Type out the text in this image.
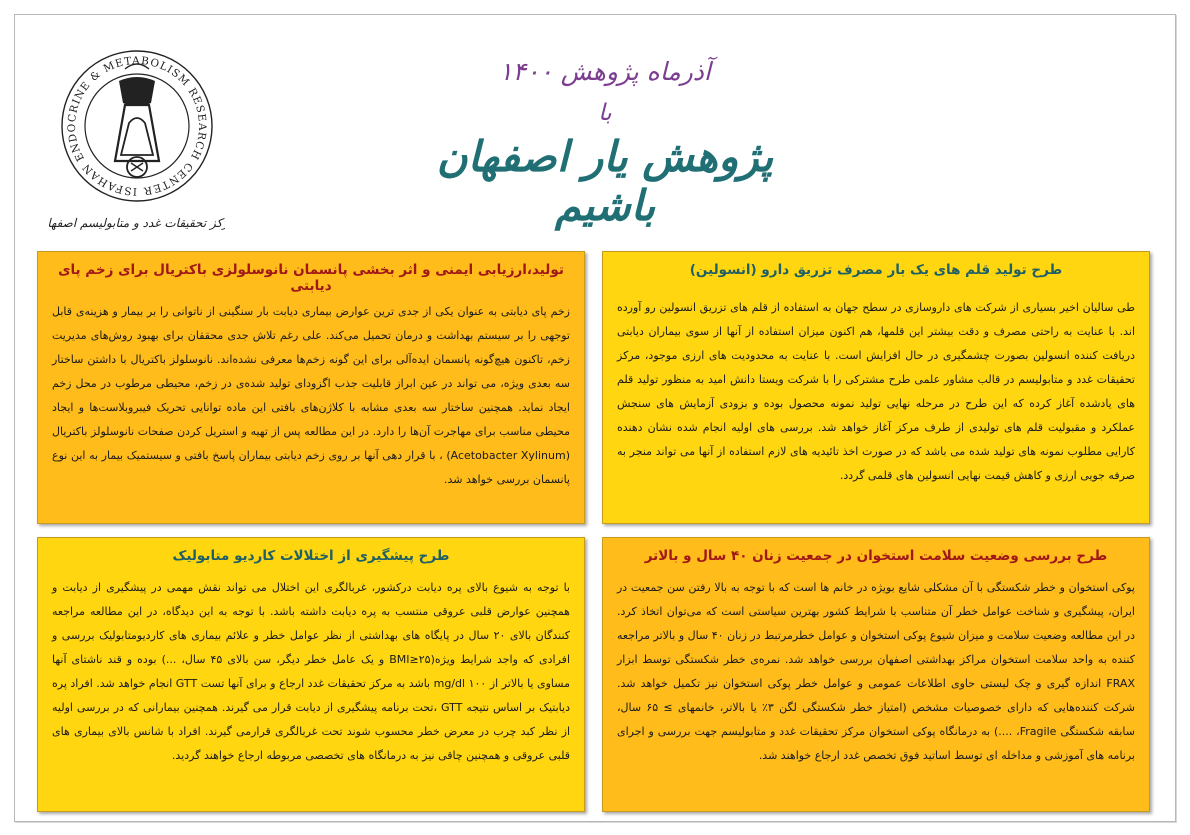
ISFAHAN ENDOCRINE & METABOLISM RESEARCH CENTER
کز تحقیقات غدد و متابولیسم اصفه
آذرماه پژوهش ۱۴۰۰
با
پژوهش یار اصفهان باشیم
تولید،ارزیابی ایمنی و اثر بخشی پانسمان نانوسلولزی باکتریال برای زخم پای دیابتی
زخم پای دیابتی به عنوان یکی از جدی ترین عوارض بیماری دیابت بار سنگینی از ناتوانی را بر بیمار و هزینه‌ی قابل توجهی را بر سیستم بهداشت و درمان تحمیل می‌کند. علی رغم تلاش جدی محققان برای بهبود روش‌های مدیریت زخم، تاکنون هیچ‌گونه پانسمان ایده‌آلی برای این گونه زخم‌ها معرفی نشده‌اند. نانوسلولز باکتریال با داشتن ساختار سه بعدی ویژه، می تواند در عین ابراز قابلیت جذب اگزودای تولید شده‌ی در زخم، محیطی مرطوب در محل زخم ایجاد نماید. همچنین ساختار سه بعدی مشابه با کلاژن‌های بافتی این ماده توانایی تحریک فیبروبلاست‌ها و ایجاد محیطی مناسب برای مهاجرت آن‌ها را دارد. در این مطالعه پس از تهیه و استریل کردن صفحات نانوسلولز باکتریال (Acetobacter Xylinum) ، با قرار دهی آنها بر روی زخم دیابتی بیماران پاسخ بافتی و سیستمیک بیمار به این نوع پانسمان بررسی خواهد شد.
طرح تولید قلم های یک بار مصرف تزریق دارو (انسولین)
طی سالیان اخیر بسیاری از شرکت های داروسازی در سطح جهان به استفاده از قلم های تزریق انسولین رو آورده اند. با عنایت به راحتی مصرف و دقت بیشتر این قلمها، هم اکنون میزان استفاده از آنها از سوی بیماران دیابتی دریافت کننده انسولین بصورت چشمگیری در حال افزایش است. با عنایت به محدودیت های ارزی موجود، مرکز تحقیقات غدد و متابولیسم در قالب مشاور علمی طرح مشترکی را با شرکت ویستا دانش امید به منظور تولید قلم های یادشده آغاز کرده که این طرح در مرحله نهایی تولید نمونه محصول بوده و بزودی آزمایش های سنجش عملکرد و مقبولیت قلم های تولیدی از طرف مرکز آغاز خواهد شد. بررسی های اولیه انجام شده نشان دهنده کارایی مطلوب نمونه های تولید شده می باشد که در صورت اخذ تائیدیه های لازم استفاده از آنها می تواند منجر به صرفه جویی ارزی و کاهش قیمت نهایی انسولین های قلمی گردد.
طرح پیشگیری از اختلالات کاردیو متابولیک
با توجه به شیوع بالای پره دیابت درکشور، غربالگری این اختلال می تواند نقش مهمی در پیشگیری از دیابت و همچنین عوارض قلبی عروقی منتسب به پره دیابت داشته باشد. با توجه به این دیدگاه، در این مطالعه مراجعه کنندگان بالای ۲۰ سال در پایگاه های بهداشتی از نظر عوامل خطر و علائم بیماری های کاردیومتابولیک بررسی و افرادی که واجد شرایط ویژه(BMI≥۲۵ و یک عامل خطر دیگر، سن بالای ۴۵ سال، ...) بوده و قند ناشتای آنها مساوی یا بالاتر از ۱۰۰ mg/dl باشد به مرکز تحقیقات غدد ارجاع و برای آنها تست GTT انجام خواهد شد. افراد پره دیابتیک بر اساس نتیجه GTT ،تحت برنامه پیشگیری از دیابت قرار می گیرند. همچنین بیمارانی که در بررسی اولیه از نظر کبد چرب در معرض خطر محسوب شوند تحت غربالگری قرارمی گیرند. افراد با شانس بالای بیماری های قلبی عروقی و همچنین چاقی نیز به درمانگاه های تخصصی مربوطه ارجاع خواهند گردید.
طرح بررسی وضعیت سلامت استخوان در جمعیت زنان ۴۰ سال و بالاتر
پوکی استخوان و خطر شکستگی با آن مشکلی شایع بویژه در خانم ها است که با توجه به بالا رفتن سن جمعیت در ایران، پیشگیری و شناخت عوامل خطر آن متناسب با شرایط کشور بهترین سیاستی است که می‌توان اتخاذ کرد. در این مطالعه وضعیت سلامت و میزان شیوع پوکی استخوان و عوامل خطرمرتبط در زنان ۴۰ سال و بالاتر مراجعه کننده به واحد سلامت استخوان مراکز بهداشتی اصفهان بررسی خواهد شد. نمره‌ی خطر شکستگی توسط ابزار FRAX اندازه گیری و چک لیستی حاوی اطلاعات عمومی و عوامل خطر پوکی استخوان نیز تکمیل خواهد شد. شرکت کننده‌هایی که دارای خصوصیات مشخص (امتیاز خطر شکستگی لگن ۳٪ یا بالاتر، خانمهای ≥ ۶۵ سال، سابقه شکستگی Fragile، ....) به درمانگاه پوکی استخوان مرکز تحقیقات غدد و متابولیسم جهت بررسی و اجرای برنامه های آموزشی و مداخله ای توسط اساتید فوق تخصص غدد ارجاع خواهند شد.
